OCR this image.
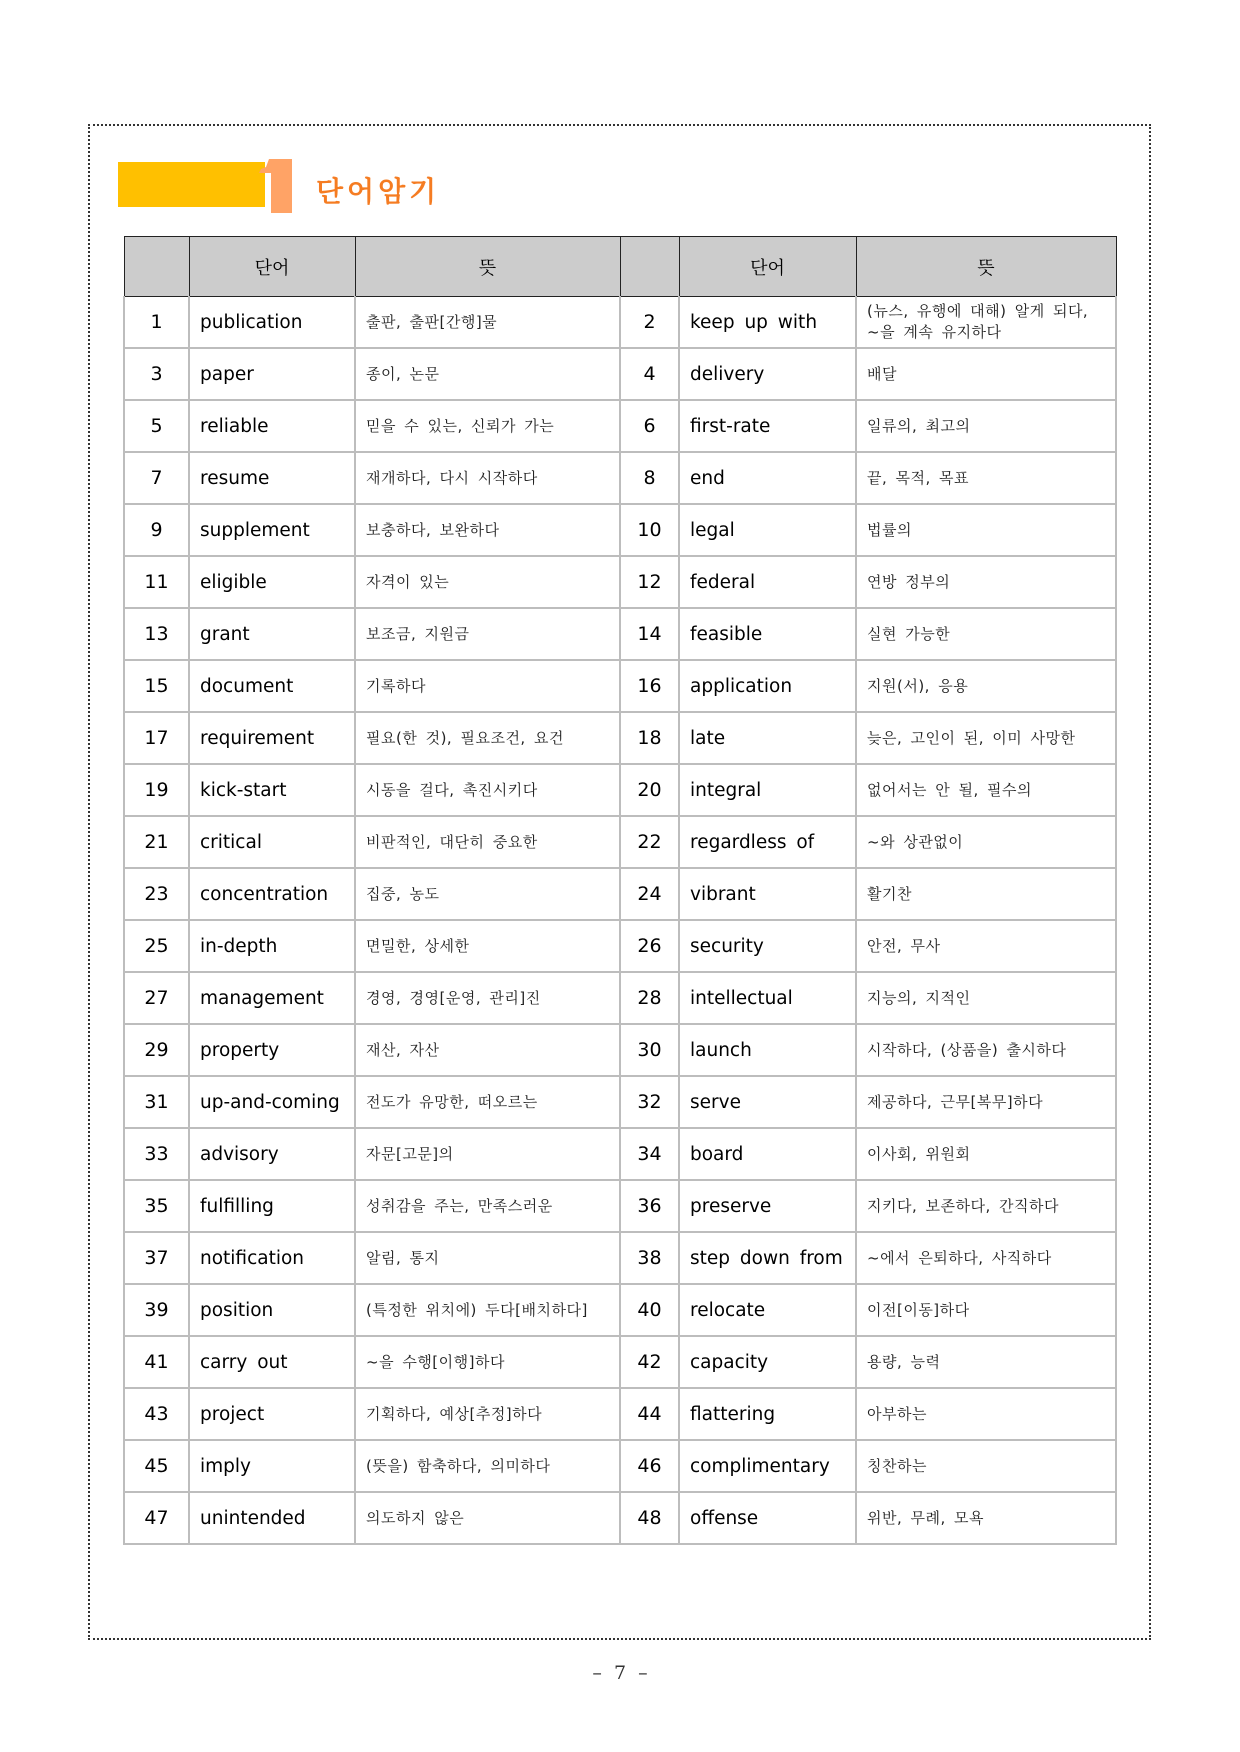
단어암기
	단어	뜻		단어	뜻
1	publication	출판, 출판[간행]물	2	keep up with	(뉴스, 유행에 대해) 알게 되다, ~을 계속 유지하다
3	paper	종이, 논문	4	delivery	배달
5	reliable	믿을 수 있는, 신뢰가 가는	6	first-rate	일류의, 최고의
7	resume	재개하다, 다시 시작하다	8	end	끝, 목적, 목표
9	supplement	보충하다, 보완하다	10	legal	법률의
11	eligible	자격이 있는	12	federal	연방 정부의
13	grant	보조금, 지원금	14	feasible	실현 가능한
15	document	기록하다	16	application	지원(서), 응용
17	requirement	필요(한 것), 필요조건, 요건	18	late	늦은, 고인이 된, 이미 사망한
19	kick-start	시동을 걸다, 촉진시키다	20	integral	없어서는 안 될, 필수의
21	critical	비판적인, 대단히 중요한	22	regardless of	~와 상관없이
23	concentration	집중, 농도	24	vibrant	활기찬
25	in-depth	면밀한, 상세한	26	security	안전, 무사
27	management	경영, 경영[운영, 관리]진	28	intellectual	지능의, 지적인
29	property	재산, 자산	30	launch	시작하다, (상품을) 출시하다
31	up-and-coming	전도가 유망한, 떠오르는	32	serve	제공하다, 근무[복무]하다
33	advisory	자문[고문]의	34	board	이사회, 위원회
35	fulfilling	성취감을 주는, 만족스러운	36	preserve	지키다, 보존하다, 간직하다
37	notification	알림, 통지	38	step down from	~에서 은퇴하다, 사직하다
39	position	(특정한 위치에) 두다[배치하다]	40	relocate	이전[이동]하다
41	carry out	~을 수행[이행]하다	42	capacity	용량, 능력
43	project	기획하다, 예상[추정]하다	44	flattering	아부하는
45	imply	(뜻을) 함축하다, 의미하다	46	complimentary	칭찬하는
47	unintended	의도하지 않은	48	offense	위반, 무례, 모욕
– 7 –
